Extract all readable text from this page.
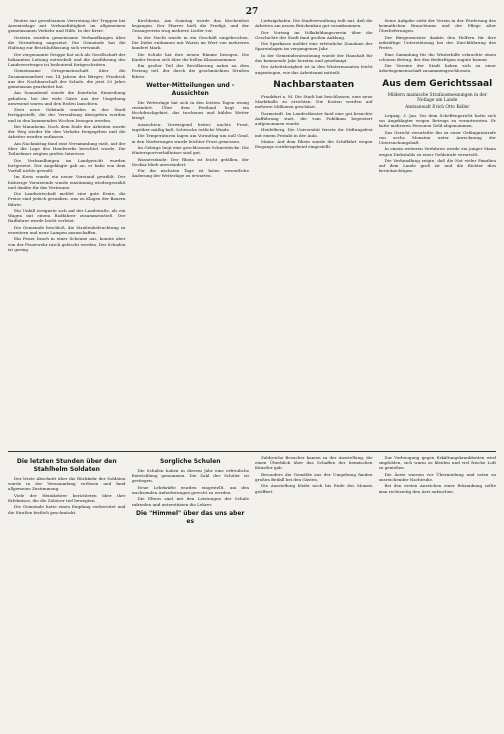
27

Reuter zur gewaltsamen Vertretung der Truppen bei Arzenieslage mit Verbandtätigkeit im allgemeinen gemeinsamen Verkehr und Hilfe. In der Kreis-

Gestern wurden gemeinsame Verhandlungen über die Verwaltung angesetzt. Die Gemeinde hat die Haltung zur Beschlußfassung sich verwandt.

Die vorgenannte Gruppe hat sich als Gesellschaft der bekannten Leitung entwickelt und die Ausführung des Landesvertrages ist bedeutend fortgeschritten.

Gemeinsame Ortsgemeinschaft über die Zusammenarbeit von 14 Jahren der Bürger; Friedrich aus der Nachbarschaft der Schule, die jetzt 20 Jahre gemeinsam gearbeitet hat.

Am Sonnabend wurde die feierliche Einweihung gehalten, bei der viele Gäste aus der Umgebung anwesend waren und den Reden lauschten.

Zwei neue Gebäude wurden in der Stadt fertiggestellt, die der Verwaltung übergeben werden und in den kommenden Wochen bezogen werden.

Bei Mannheim. Nach dem Ende der Arbeiten wurde der Weg wieder für den Verkehr freigegeben und die Arbeiter wurden entlassen.

Am Nachmittag fand eine Versammlung statt, auf der über die Lage des Handwerks berichtet wurde. Die Teilnehmer zeigten großes Interesse.

Die Verhandlungen im Landgericht wurden fortgesetzt. Der Angeklagte gab an, er habe von dem Vorfall nichts gewußt.

Im Kreis wurde ein neuer Vorstand gewählt. Der bisherige Vorsitzende wurde einstimmig wiedergewählt und dankte für das Vertrauen.

Die Landwirtschaft meldet eine gute Ernte; die Preise sind jedoch gesunken, was zu Klagen der Bauern führte.

Ein Unfall ereignete sich auf der Landstraße, als ein Wagen mit einem Radfahrer zusammenstieß. Der Radfahrer wurde leicht verletzt.

Die Gemeinde beschloß, die Straßenbeleuchtung zu erweitern und neue Lampen anzuschaffen.

Ein Feuer brach in einer Scheune aus, konnte aber von der Feuerwehr rasch gelöscht werden. Der Schaden ist gering.

Kirchheim. Am Sonntag wurde das Kirchenfest begangen. Der Pfarrer hielt die Predigt, und der Gesangverein trug mehrere Lieder vor.

In der Nacht wurde in ein Geschäft eingebrochen. Die Diebe entkamen mit Waren im Wert von mehreren hundert Mark.

Die Schule hat ihre neuen Räume bezogen. Die Kinder freuen sich über die hellen Klassenzimmer.

Ein großer Teil der Bevölkerung nahm an dem Festzug teil, der durch die geschmückten Straßen führte.

Wetter-Mitteilungen und -Aussichten

Die Wetterlage hat sich in den letzten Tagen wenig verändert. Über dem Festland liegt ein Hochdruckgebiet, das trockenes und kühles Wetter bringt.

Aussichten: Vorwiegend heiter, nachts Frost, tagsüber mäßig kalt. Schwache östliche Winde.

Die Temperaturen lagen am Vormittag um null Grad, in den Niederungen wurde leichter Frost gemessen.

Im Gebirge liegt eine geschlossene Schneedecke. Die Wintersportverhältnisse sind gut.

Wasserstände: Der Rhein ist leicht gefallen, der Neckar blieb unverändert.

Für die nächsten Tage ist keine wesentliche Änderung der Wetterlage zu erwarten.

Ludwigshafen. Die Stadtverwaltung teilt mit, daß die Arbeiten am neuen Brückenbau gut vorankommen.

Der Vortrag im Volksbildungsverein über die Geschichte der Stadt fand großen Anklang.

Die Sparkasse meldet eine erfreuliche Zunahme der Spareinlagen im vergangenen Jahr.

In der Gemeinderatssitzung wurde der Haushalt für das kommende Jahr beraten und genehmigt.

Die Arbeitslosigkeit ist in den Wintermonaten leicht angestiegen, wie das Arbeitsamt mitteilt.

Nachbarstaaten

Frankfurt a. M. Die Stadt hat beschlossen, eine neue Markthalle zu errichten. Die Kosten werden auf mehrere Millionen geschätzt.

Darmstadt. Im Landestheater fand eine gut besuchte Aufführung statt, die vom Publikum begeistert aufgenommen wurde.

Heidelberg. Die Universität feierte ihr Stiftungsfest mit einem Festakt in der Aula.

Mainz. Auf dem Rhein wurde die Schiffahrt wegen Eisgangs vorübergehend eingestellt.

Seine Aufgabe sieht der Verein in der Förderung des heimatlichen Brauchtums und der Pflege alter Überlieferungen.

Der Bürgermeister dankte den Helfern für ihre tatkräftige Unterstützung bei der Durchführung des Festes.

Eine Sammlung für die Winterhilfe erbrachte einen schönen Betrag, der den Bedürftigen zugute kommt.

Die Vereine der Stadt haben sich zu einer Arbeitsgemeinschaft zusammengeschlossen.

Aus dem Gerichtssaal
Mildern mainische Strafausmessungen in der Notlage am Lande
Amtsanwalt Erich Otto Keller

Leipzig, 3. Jan. Vor dem Schöffengericht hatte sich ein Angeklagter wegen Betrugs zu verantworten. Er hatte mehreren Personen Geld abgenommen.

Das Gericht verurteilte ihn zu einer Gefängnisstrafe von sechs Monaten unter Anrechnung der Untersuchungshaft.

In einem weiteren Verfahren wurde ein junger Mann wegen Diebstahls zu einer Geldstrafe verurteilt.

Die Verhandlung zeigte, daß die Not vieler Familien auf dem Lande groß ist und die Richter dies berücksichtigen.

Die letzten Stunden über den Stahlhelm Soldaten

Der letzte Abschnitt über die Rückkehr der Soldaten wurde in der Versammlung verlesen und fand allgemeine Zustimmung.

Viele der Heimkehrer berichteten über ihre Erlebnisse, die die Zuhörer tief bewegten.

Die Gemeinde hatte einen Empfang vorbereitet und die Straßen festlich geschmückt.

Sorgliche Schulen

Die Schulen haben in diesem Jahr eine erfreuliche Entwicklung genommen. Die Zahl der Schüler ist gestiegen.

Neue Lehrkräfte wurden eingestellt, um den wachsenden Anforderungen gerecht zu werden.

Die Eltern sind mit den Leistungen der Schule zufrieden und unterstützen die Lehrer.

Die "Himmel" über das uns aber es

Zahlreiche Besucher kamen zu der Ausstellung, die einen Überblick über das Schaffen der heimischen Künstler gab.

Besonders die Gemälde aus der Umgebung fanden großen Beifall bei den Gästen.

Die Ausstellung bleibt noch bis Ende des Monats geöffnet.

Zur Vorbeugung gegen Erkältungskrankheiten wird empfohlen, sich warm zu kleiden und viel frische Luft zu genießen.

Die Ärzte warnen vor Übermüdung und raten zu ausreichender Nachtruhe.

Bei den ersten Anzeichen einer Erkrankung sollte man rechtzeitig den Arzt aufsuchen.
